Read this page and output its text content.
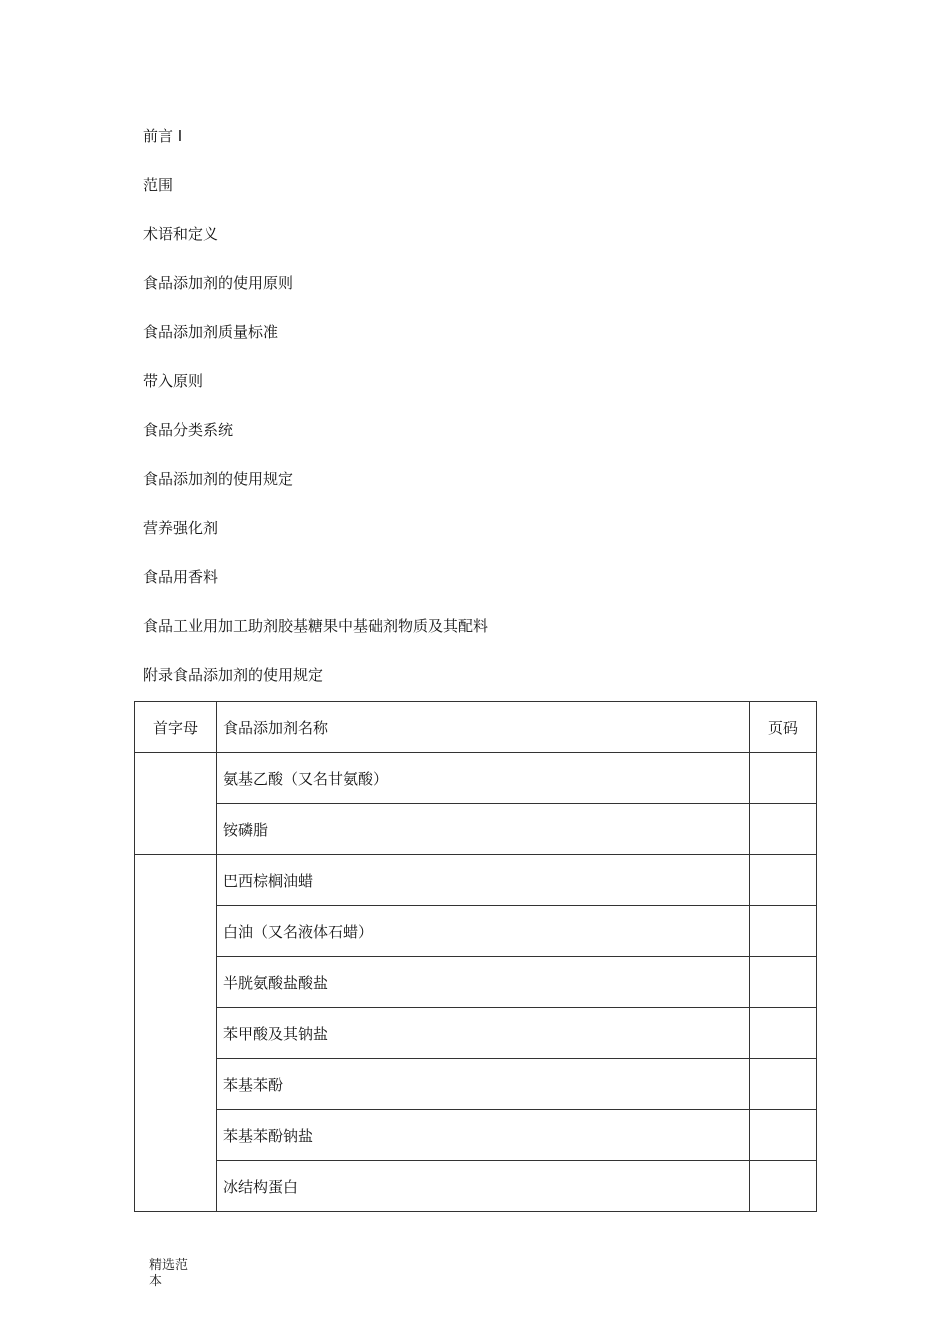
前言 I
范围
术语和定义
食品添加剂的使用原则
食品添加剂质量标准
带入原则
食品分类系统
食品添加剂的使用规定
营养强化剂
食品用香料
食品工业用加工助剂胶基糖果中基础剂物质及其配料
附录食品添加剂的使用规定
首字母	食品添加剂名称	页码
	氨基乙酸（又名甘氨酸）	
	铵磷脂	
	巴西棕榈油蜡	
	白油（又名液体石蜡）	
	半胱氨酸盐酸盐	
	苯甲酸及其钠盐	
	苯基苯酚	
	苯基苯酚钠盐	
	冰结构蛋白	
精选范
本
